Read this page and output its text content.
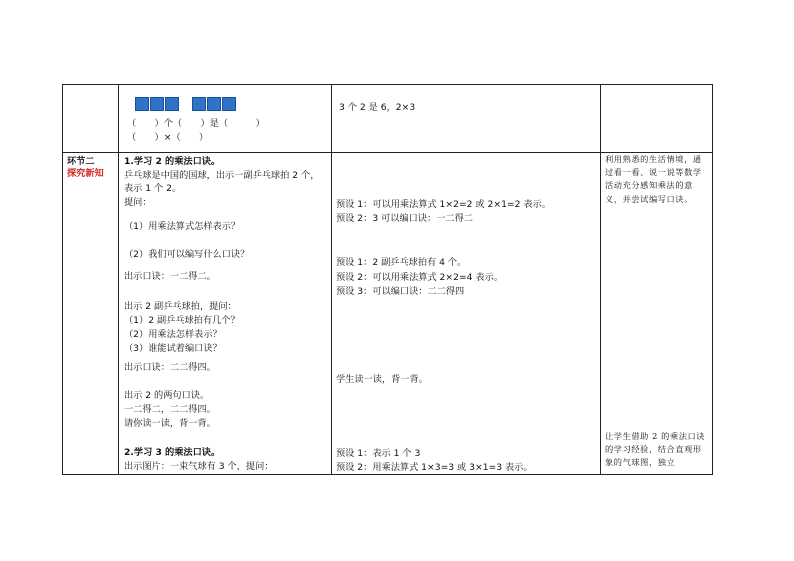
（　　）个（　　）是（　　　）
（　　）×（　　）
3 个 2 是 6，2×3
环节二
探究新知
1.学习 2 的乘法口诀。
乒乓球是中国的国球，出示一副乒乓球拍 2 个，
表示 1 个 2。
提问：
（1）用乘法算式怎样表示？
（2）我们可以编写什么口诀？
出示口诀：一二得二。
出示 2 副乒乓球拍，提问：
（1）2 副乒乓球拍有几个？
（2）用乘法怎样表示？
（3）谁能试着编口诀？
出示口诀：二二得四。
出示 2 的两句口诀。
一二得二，二二得四。
请你读一读，背一背。
2.学习 3 的乘法口诀。
出示图片：一束气球有 3 个，提问：
预设 1：可以用乘法算式 1×2=2 或 2×1=2 表示。
预设 2：3 可以编口诀：一二得二
预设 1：2 副乒乓球拍有 4 个。
预设 2：可以用乘法算式 2×2=4 表示。
预设 3：可以编口诀：二二得四
学生读一读，背一背。
预设 1：表示 1 个 3
预设 2：用乘法算式 1×3=3 或 3×1=3 表示。
利用熟悉的生活情境，通过看一看、说一说等数学活动充分感知乘法的意义，并尝试编写口诀。
让学生借助 2 的乘法口诀的学习经验，结合直观形象的气球图，独立
